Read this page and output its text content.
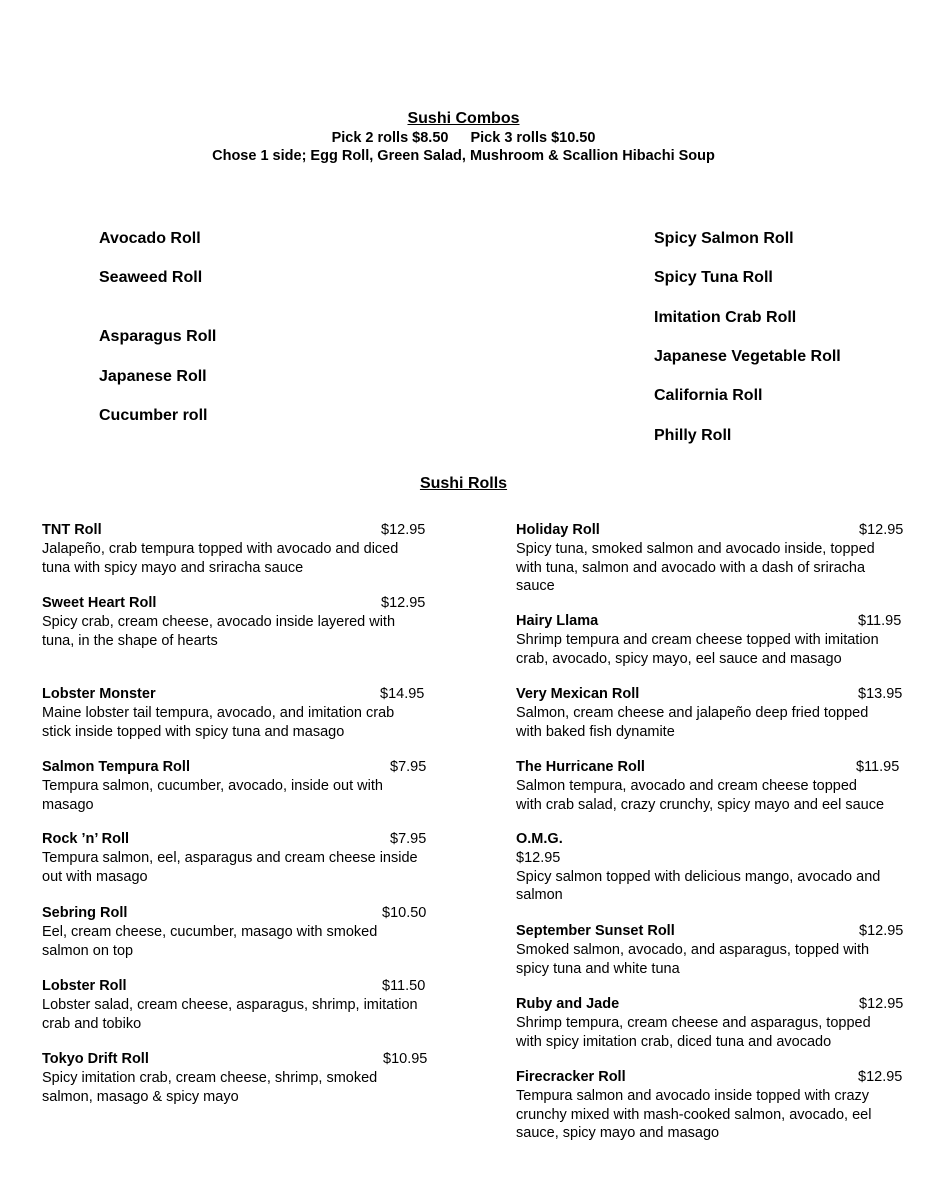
Sushi Combos
Pick 2 rolls $8.50 Pick 3 rolls $10.50
Chose 1 side; Egg Roll, Green Salad, Mushroom & Scallion Hibachi Soup
Avocado Roll
Seaweed Roll
Asparagus Roll
Japanese Roll
Cucumber roll
Spicy Salmon Roll
Spicy Tuna Roll
Imitation Crab Roll
Japanese Vegetable Roll
California Roll
Philly Roll
Sushi Rolls
TNT Roll	$12.95
Jalapeño, crab tempura topped with avocado and diced
tuna with spicy mayo and sriracha sauce
Sweet Heart Roll	$12.95
Spicy crab, cream cheese, avocado inside layered with
tuna, in the shape of hearts
Lobster Monster	$14.95
Maine lobster tail tempura, avocado, and imitation crab
stick inside topped with spicy tuna and masago
Salmon Tempura Roll	$7.95
Tempura salmon, cucumber, avocado, inside out with
masago
Rock ’n’ Roll	$7.95
Tempura salmon, eel, asparagus and cream cheese inside
out with masago
Sebring Roll	$10.50
Eel, cream cheese, cucumber, masago with smoked
salmon on top
Lobster Roll	$11.50
Lobster salad, cream cheese, asparagus, shrimp, imitation
crab and tobiko
Tokyo Drift Roll	$10.95
Spicy imitation crab, cream cheese, shrimp, smoked
salmon, masago & spicy mayo
Holiday Roll	$12.95
Spicy tuna, smoked salmon and avocado inside, topped
with tuna, salmon and avocado with a dash of sriracha
sauce
Hairy Llama	$11.95
Shrimp tempura and cream cheese topped with imitation
crab, avocado, spicy mayo, eel sauce and masago
Very Mexican Roll	$13.95
Salmon, cream cheese and jalapeño deep fried topped
with baked fish dynamite
The Hurricane Roll	$11.95
Salmon tempura, avocado and cream cheese topped
with crab salad, crazy crunchy, spicy mayo and eel sauce
O.M.G.
$12.95
Spicy salmon topped with delicious mango, avocado and
salmon
September Sunset Roll	$12.95
Smoked salmon, avocado, and asparagus, topped with
spicy tuna and white tuna
Ruby and Jade	$12.95
Shrimp tempura, cream cheese and asparagus, topped
with spicy imitation crab, diced tuna and avocado
Firecracker Roll	$12.95
Tempura salmon and avocado inside topped with crazy
crunchy mixed with mash-cooked salmon, avocado, eel
sauce, spicy mayo and masago
